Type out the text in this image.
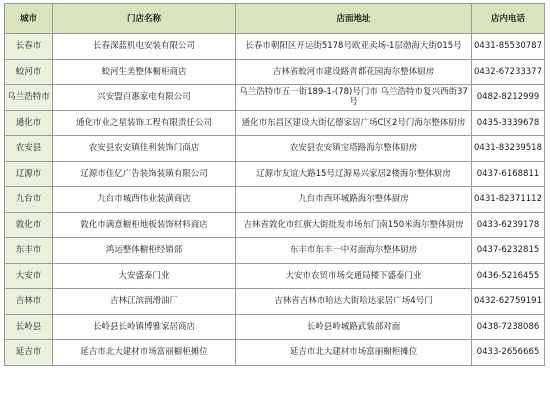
城市	门店名称	店面地址	店内电话
长春市	长春深蓝机电安装有限公司	长春市朝阳区开运街5178号欧亚卖场-1层渤海大街015号	0431-85530787
蛟河市	蛟河生美整体橱柜商店	吉林省蛟河市建设路青都花园海尔整体厨房	0432-67233377
乌兰浩特市	兴安盟百惠家电有限公司	乌兰浩特市五一街189-1-(78)号门市 乌兰浩特市复兴西街37号	0482-8212999
通化市	通化市业之星装饰工程有限责任公司	通化市东昌区建设大街亿德家居广场C区2号门海尔整体厨房	0435-3339678
农安县	农安县农安镇佳利装饰门商店	农安县农安镇宝塔路海尔整体厨房	0431-83239518
辽源市	辽源市佳亿广告装饰装璜有限公司	辽源市友谊大路15号辽源易兴家居2楼海尔整体厨房	0437-6168811
九台市	九台市城西伟业装潢商店	九台市西环城路海尔整体厨房	0431-82371112
敦化市	敦化市满意橱柜地板装饰材料商店	吉林省敦化市红旗大街批发市场东门南150米海尔整体厨房	0433-6239178
东丰市	鸿运整体橱柜经销部	东丰市东丰一中对面海尔整体厨房	0437-6232815
大安市	大安盛泰门业	大安市农贸市场交通局楼下盛泰门业	0436-5216455
吉林市	吉林江滨润滑油厂	吉林省吉林市哈达大街哈达家居广场4号门	0432-62759191
长岭县	长岭县长岭镇博雅家居商店	长岭县岭城路武装部对面	0438-7238086
延吉市	延吉市北大建材市场富丽橱柜摊位	延吉市北大建材市场富丽橱柜摊位	0433-2656665
